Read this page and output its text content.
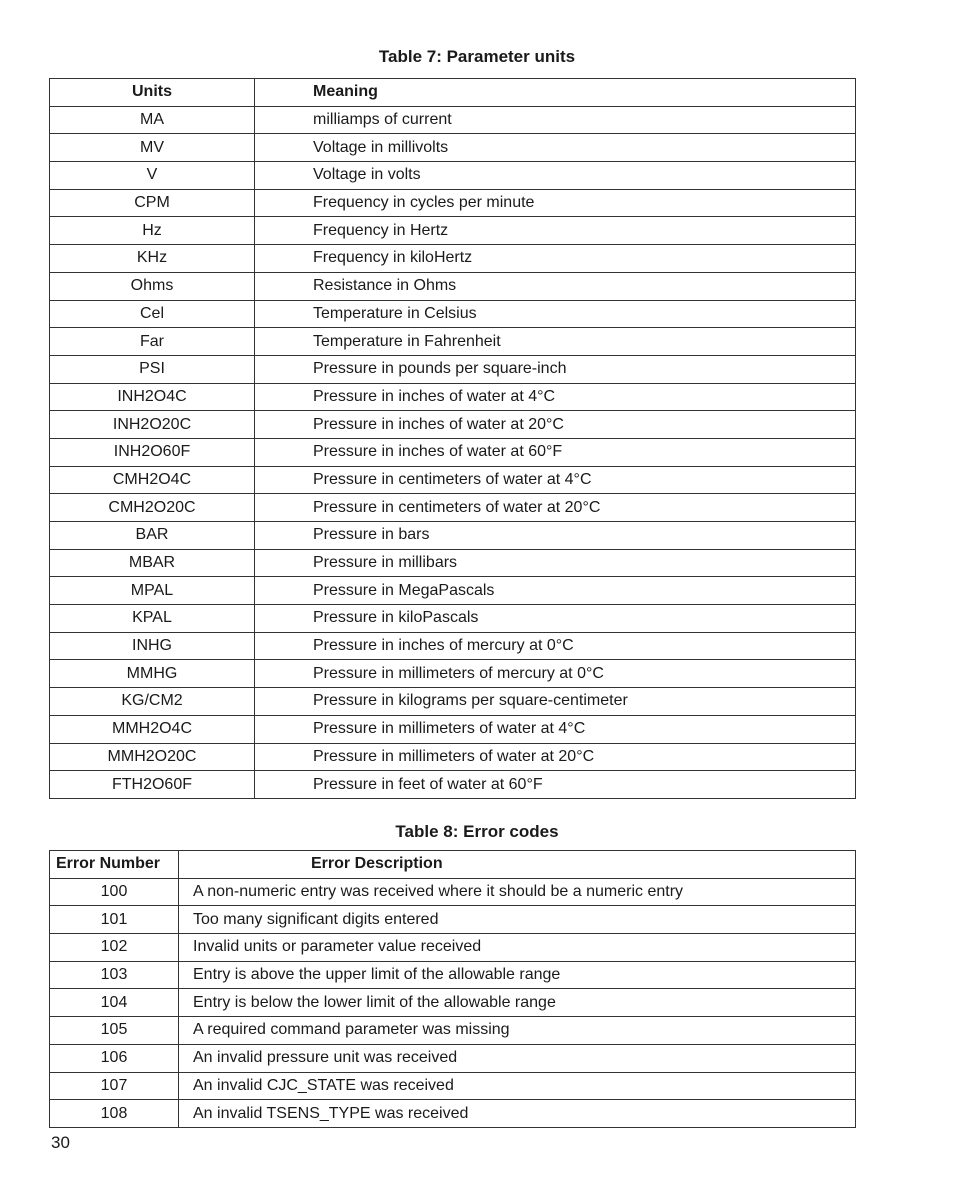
Table 7: Parameter units
Units	Meaning
MA	milliamps of current
MV	Voltage in millivolts
V	Voltage in volts
CPM	Frequency in cycles per minute
Hz	Frequency in Hertz
KHz	Frequency in kiloHertz
Ohms	Resistance in Ohms
Cel	Temperature in Celsius
Far	Temperature in Fahrenheit
PSI	Pressure in pounds per square-inch
INH2O4C	Pressure in inches of water at 4°C
INH2O20C	Pressure in inches of water at 20°C
INH2O60F	Pressure in inches of water at 60°F
CMH2O4C	Pressure in centimeters of water at 4°C
CMH2O20C	Pressure in centimeters of water at 20°C
BAR	Pressure in bars
MBAR	Pressure in millibars
MPAL	Pressure in MegaPascals
KPAL	Pressure in kiloPascals
INHG	Pressure in inches of mercury at 0°C
MMHG	Pressure in millimeters of mercury at 0°C
KG/CM2	Pressure in kilograms per square-centimeter
MMH2O4C	Pressure in millimeters of water at 4°C
MMH2O20C	Pressure in millimeters of water at 20°C
FTH2O60F	Pressure in feet of water at 60°F
Table 8: Error codes
Error Number	Error Description
100	A non-numeric entry was received where it should be a numeric entry
101	Too many significant digits entered
102	Invalid units or parameter value received
103	Entry is above the upper limit of the allowable range
104	Entry is below the lower limit of the allowable range
105	A required command parameter was missing
106	An invalid pressure unit was received
107	An invalid CJC_STATE was received
108	An invalid TSENS_TYPE was received
30
